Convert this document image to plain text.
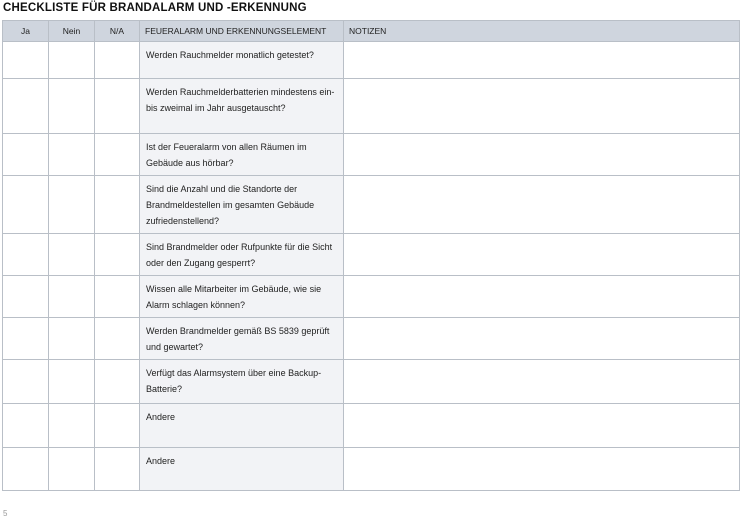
CHECKLISTE FÜR BRANDALARM UND -ERKENNUNG
Ja	Nein	N/A	FEUERALARM UND ERKENNUNGSELEMENT	NOTIZEN
			Werden Rauchmelder monatlich getestet?	
			Werden Rauchmelderbatterien mindestens ein- bis zweimal im Jahr ausgetauscht?	
			Ist der Feueralarm von allen Räumen im Gebäude aus hörbar?	
			Sind die Anzahl und die Standorte der Brandmeldestellen im gesamten Gebäude zufriedenstellend?	
			Sind Brandmelder oder Rufpunkte für die Sicht oder den Zugang gesperrt?	
			Wissen alle Mitarbeiter im Gebäude, wie sie Alarm schlagen können?	
			Werden Brandmelder gemäß BS 5839 geprüft und gewartet?	
			Verfügt das Alarmsystem über eine Backup-Batterie?	
			Andere	
			Andere	
5
